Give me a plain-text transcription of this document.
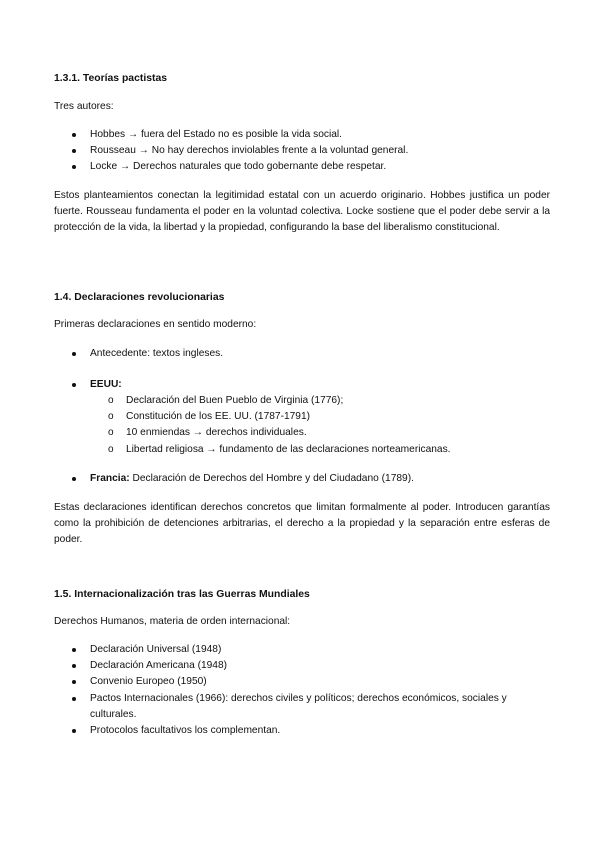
1.3.1. Teorías pactistas

Tres autores:

Hobbes → fuera del Estado no es posible la vida social.
Rousseau → No hay derechos inviolables frente a la voluntad general.
Locke → Derechos naturales que todo gobernante debe respetar.

Estos planteamientos conectan la legitimidad estatal con un acuerdo originario. Hobbes justifica un poder fuerte. Rousseau fundamenta el poder en la voluntad colectiva. Locke sostiene que el poder debe servir a la protección de la vida, la libertad y la propiedad, configurando la base del liberalismo constitucional.

1.4. Declaraciones revolucionarias

Primeras declaraciones en sentido moderno:

Antecedente: textos ingleses.
EEUU:
o Declaración del Buen Pueblo de Virginia (1776);
o Constitución de los EE. UU. (1787-1791)
o 10 enmiendas → derechos individuales.
o Libertad religiosa → fundamento de las declaraciones norteamericanas.
Francia: Declaración de Derechos del Hombre y del Ciudadano (1789).

Estas declaraciones identifican derechos concretos que limitan formalmente al poder. Introducen garantías como la prohibición de detenciones arbitrarias, el derecho a la propiedad y la separación entre esferas de poder.

1.5. Internacionalización tras las Guerras Mundiales

Derechos Humanos, materia de orden internacional:

Declaración Universal (1948)
Declaración Americana (1948)
Convenio Europeo (1950)
Pactos Internacionales (1966): derechos civiles y políticos; derechos económicos, sociales y culturales.
Protocolos facultativos los complementan.
